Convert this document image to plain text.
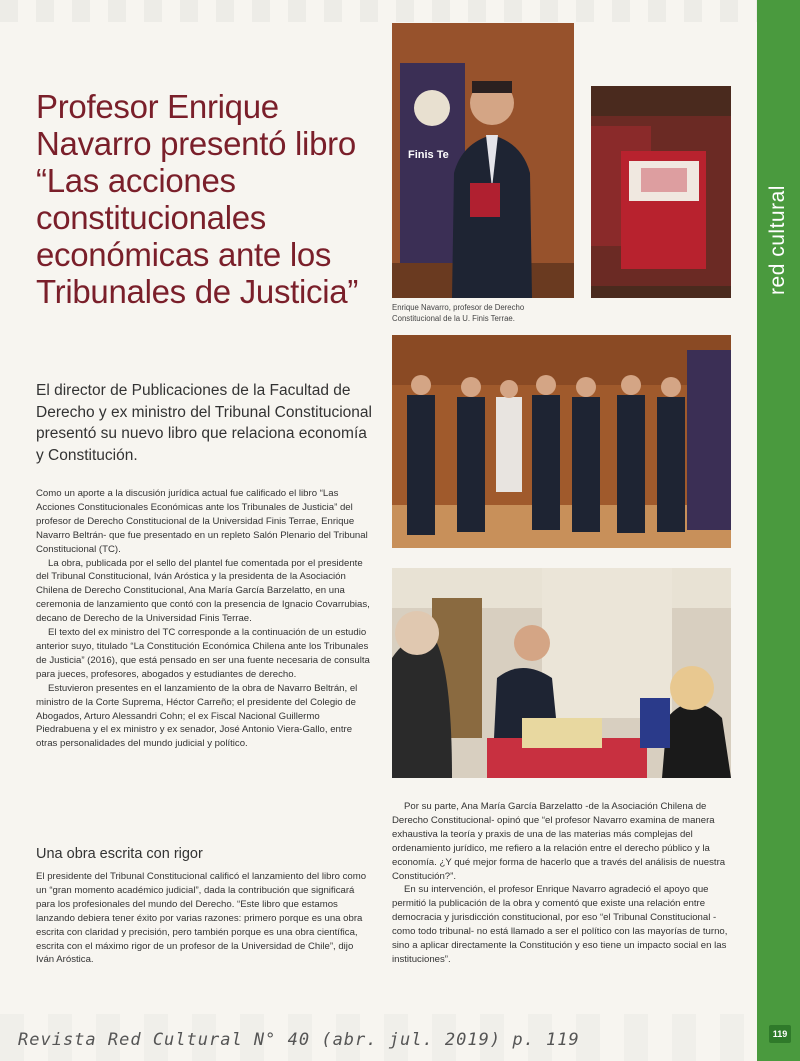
red cultural
119
Profesor Enrique Navarro presentó libro “Las acciones constitucionales económicas ante los Tribunales de Justicia”

El director de Publicaciones de la Facultad de Derecho y ex ministro del Tribunal Constitucional presentó su nuevo libro que relaciona economía y Constitución.

Como un aporte a la discusión jurídica actual fue calificado el libro “Las Acciones Constitucionales Económicas ante los Tribunales de Justicia” del profesor de Derecho Constitucional de la Universidad Finis Terrae, Enrique Navarro Beltrán- que fue presentado en un repleto Salón Plenario del Tribunal Constitucional (TC).

La obra, publicada por el sello del plantel fue comentada por el presidente del Tribunal Constitucional, Iván Aróstica y la presidenta de la Asociación Chilena de Derecho Constitucional, Ana María García Barzelatto, en una ceremonia de lanzamiento que contó con la presencia de Ignacio Covarrubias, decano de Derecho de la Universidad Finis Terrae.

El texto del ex ministro del TC corresponde a la continuación de un estudio anterior suyo, titulado “La Constitución Económica Chilena ante los Tribunales de Justicia” (2016), que está pensado en ser una fuente necesaria de consulta para jueces, profesores, abogados y estudiantes de derecho.

Estuvieron presentes en el lanzamiento de la obra de Navarro Beltrán, el ministro de la Corte Suprema, Héctor Carreño; el presidente del Colegio de Abogados, Arturo Alessandri Cohn; el ex Fiscal Nacional Guillermo Piedrabuena y el ex ministro y ex senador, José Antonio Viera-Gallo, entre otras personalidades del mundo judicial y político.

Una obra escrita con rigor

El presidente del Tribunal Constitucional calificó el lanzamiento del libro como un “gran momento académico judicial”, dada la contribución que significará para los profesionales del mundo del Derecho. “Este libro que estamos lanzando debiera tener éxito por varias razones: primero porque es una obra escrita con claridad y precisión, pero también porque es una obra científica, escrita con el máximo rigor de un profesor de la Universidad de Chile”, dijo Iván Aróstica.

Por su parte, Ana María García Barzelatto -de la Asociación Chilena de Derecho Constitucional- opinó que “el profesor Navarro examina de manera exhaustiva la teoría y praxis de una de las materias más complejas del ordenamiento jurídico, me refiero a la relación entre el derecho público y la economía. ¿Y qué mejor forma de hacerlo que a través del análisis de nuestra Constitución?”.

En su intervención, el profesor Enrique Navarro agradeció el apoyo que permitió la publicación de la obra y comentó que existe una relación entre democracia y jurisdicción constitucional, por eso “el Tribunal Constitucional -como todo tribunal- no está llamado a ser el político con las mayorías de turno, sino a aplicar directamente la Constitución y eso tiene un impacto social en las instituciones”.

Finis Te
Enrique Navarro, profesor de Derecho Constitucional de la U. Finis Terrae.
Revista Red Cultural N° 40 (abr. jul. 2019) p. 119
